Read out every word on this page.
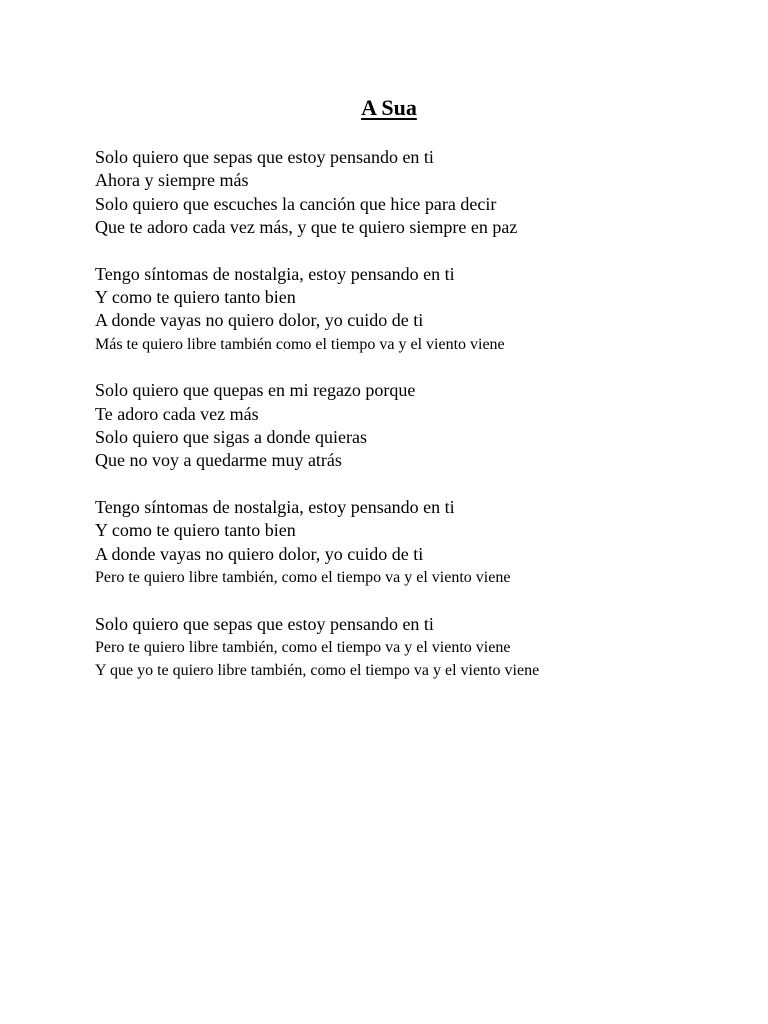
A Sua
Solo quiero que sepas que estoy pensando en ti
Ahora y siempre más
Solo quiero que escuches la canción que hice para decir
Que te adoro cada vez más, y que te quiero siempre en paz
Tengo síntomas de nostalgia, estoy pensando en ti
Y como te quiero tanto bien
A donde vayas no quiero dolor, yo cuido de ti
Más te quiero libre también como el tiempo va y el viento viene
Solo quiero que quepas en mi regazo porque
Te adoro cada vez más
Solo quiero que sigas a donde quieras
Que no voy a quedarme muy atrás
Tengo síntomas de nostalgia, estoy pensando en ti
Y como te quiero tanto bien
A donde vayas no quiero dolor, yo cuido de ti
Pero te quiero libre también, como el tiempo va y el viento viene
Solo quiero que sepas que estoy pensando en ti
Pero te quiero libre también, como el tiempo va y el viento viene
Y que yo te quiero libre también, como el tiempo va y el viento viene
